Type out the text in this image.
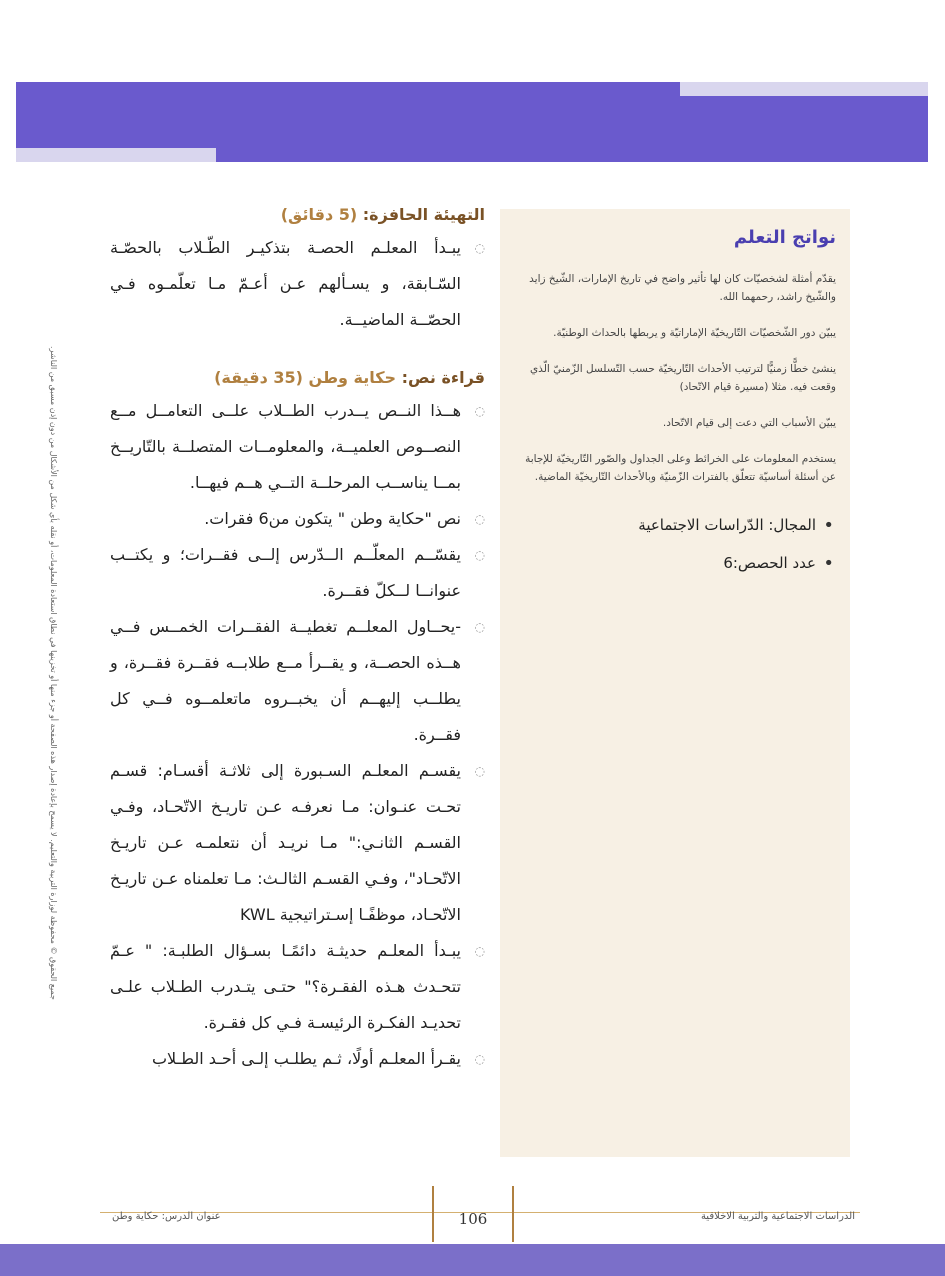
جميع الحقوق © محفوظة لوزارة التربية والتعليم. لا يسمح بإعادة إصدار هذه الصفحة أو جزء منها أو تخزينها في نطاق استعادة المعلومات، أو نقله بأي شكل من الأشكال من دون إذن مسبق من الناشر.
نواتج التعلم

يقدّم أمثلة لشخصيّات كان لها تأثير واضح في تاريخ الإمارات، الشّيخ زايد والشّيخ راشد، رحمهما الله.

يبيّن دور الشّخصيّات التّاريخيّة الإماراتيّة و يربطها بالحداث الوطنيّة.

ينشئ خطًّا زمنيًّا لترتيب الأحداث التّاريخيّة حسب التّسلسل الزّمنيّ الّذي وقعت فيه. مثلا (مسيرة قيام الاتّحاد)

يبيّن الأسباب التي دعت إلى قيام الاتّحاد.

يستخدم المعلومات على الخرائط وعلى الجداول والصّور التّاريخيّة للإجابة عن أسئلة أساسيّة تتعلّق بالفترات الزّمنيّة وبالأحداث التّاريخيّة الماضية.

• المجال: الدّراسات الاجتماعية
• عدد الحصص:6
التهيئة الحافزة: (5 دقائق)

◌
يبـدأ المعلـم الحصـة بتذكيـر الطّـلاب بالحصّـة السّـابقة، و يسـألهم عـن أعـمّ مـا تعلّمـوه فـي الحصّــة الماضيــة.

قراءة نص: حكاية وطن (35 دقيقة)

◌
هــذا النــص يــدرب الطــلاب علــى التعامــل مــع النصــوص العلميــة، والمعلومــات المتصلــة بالتّاريــخ بمــا يناســب المرحلــة التــي هــم فيهــا.

◌
نص "حكاية وطن " يتكون من6 فقرات.

◌
يقسّــم المعلّــم الــدّرس إلــى فقــرات؛ و يكتــب عنوانــا لــكلّ فقــرة.

◌
-يحــاول المعلــم تغطيــة الفقــرات الخمــس فــي هــذه الحصــة، و يقــرأ مــع طلابــه فقــرة فقــرة، و يطلــب إليهــم أن يخبــروه ماتعلمــوه فــي كل فقــرة.

◌
يقسـم المعلـم السـبورة إلى ثلاثـة أقسـام: قسـم تحـت عنـوان: مـا نعرفـه عـن تاريـخ الاتّحـاد، وفـي القسـم الثانـي:" مـا نريـد أن نتعلمـه عـن تاريـخ الاتّحـاد"، وفـي القسـم الثالـث: مـا تعلمناه عـن تاريـخ الاتّحـاد، موظفًـا إسـتراتيجية KWL

◌
يبـدأ المعلـم حديثـة دائمًـا بسـؤال الطلبـة: " عـمّ تتحـدث هـذه الفقـرة؟" حتـى يتـدرب الطـلاب علـى تحديـد الفكـرة الرئيسـة فـي كل فقـرة.

◌
يقـرأ المعلـم أولًا، ثـم يطلـب إلـى أحـد الطـلاب

106
عنوان الدرس: حكاية وطن	الدراسات الاجتماعية والتربية الاخلاقية
